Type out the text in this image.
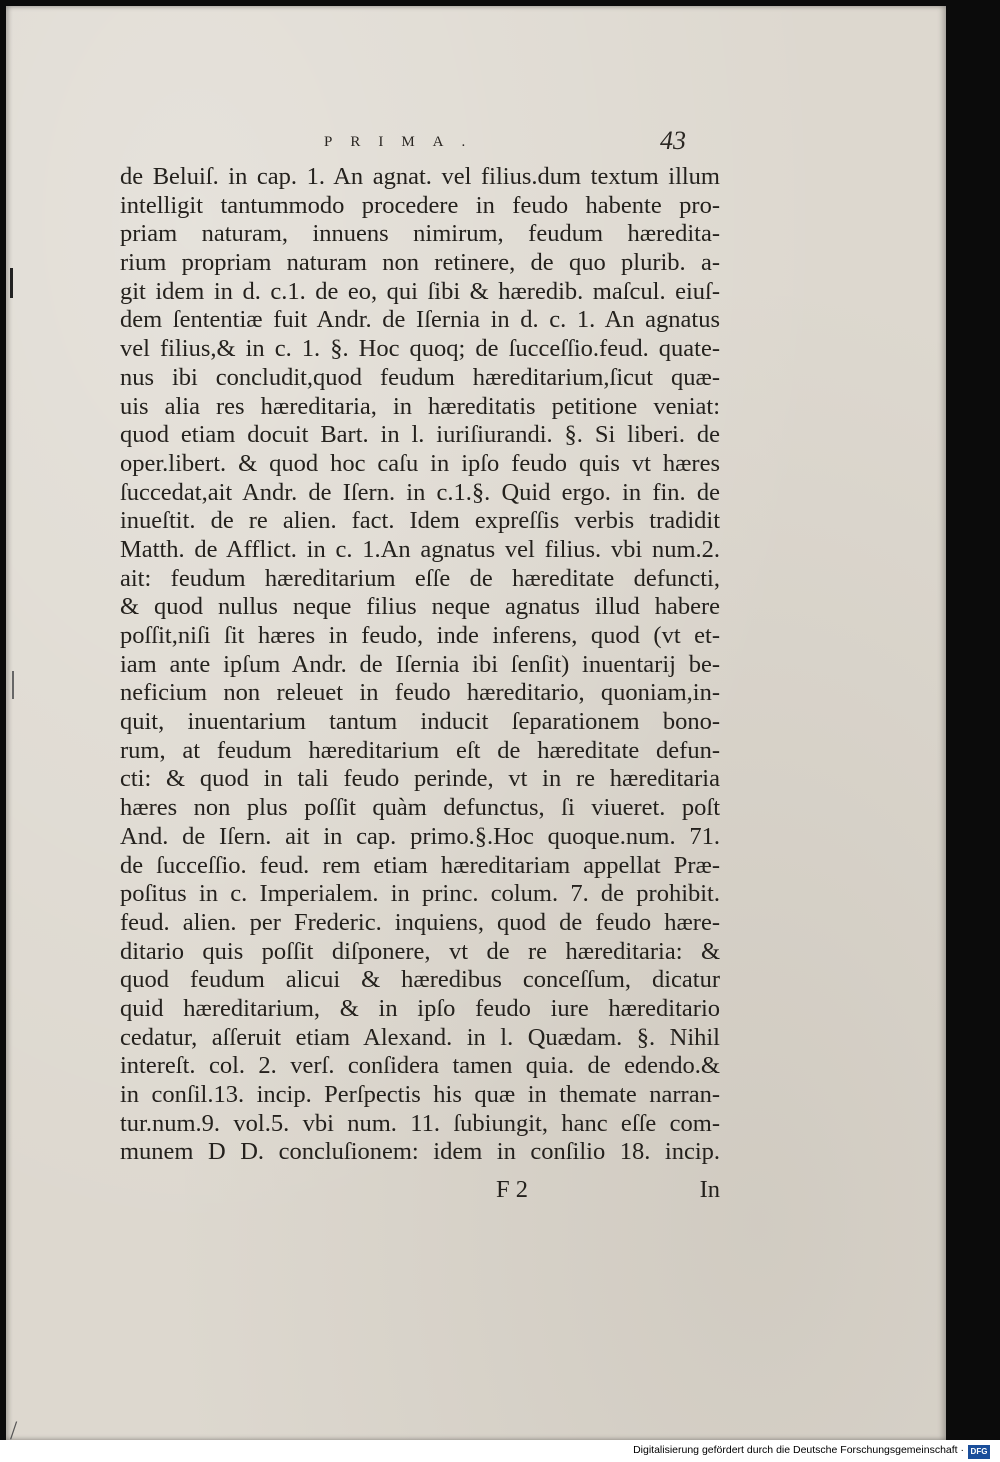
/
PRIMA.	43
de Beluiſ. in cap. 1. An agnat. vel filius.dum textum illum
intelligit tantummodo procedere in feudo habente pro-
priam naturam, innuens nimirum, feudum hæredita-
rium propriam naturam non retinere, de quo plurib. a-
git idem in d. c.1. de eo, qui ſibi & hæredib. maſcul. eiuſ-
dem ſententiæ fuit Andr. de Iſernia in d. c. 1. An agnatus
vel filius,& in c. 1. §. Hoc quoq; de ſucceſſio.feud. quate-
nus ibi concludit,quod feudum hæreditarium,ſicut quæ-
uis alia res hæreditaria, in hæreditatis petitione veniat:
quod etiam docuit Bart. in l. iuriſiurandi. §. Si liberi. de
oper.libert. & quod hoc caſu in ipſo feudo quis vt hæres
ſuccedat,ait Andr. de Iſern. in c.1.§. Quid ergo. in fin. de
inueſtit. de re alien. fact. Idem expreſſis verbis tradidit
Matth. de Afflict. in c. 1.An agnatus vel filius. vbi num.2.
ait: feudum hæreditarium eſſe de hæreditate defuncti,
& quod nullus neque filius neque agnatus illud habere
poſſit,niſi ſit hæres in feudo, inde inferens, quod (vt et-
iam ante ipſum Andr. de Iſernia ibi ſenſit) inuentarij be-
neficium non releuet in feudo hæreditario, quoniam,in-
quit, inuentarium tantum inducit ſeparationem bono-
rum, at feudum hæreditarium eſt de hæreditate defun-
cti: & quod in tali feudo perinde, vt in re hæreditaria
hæres non plus poſſit quàm defunctus, ſi viueret. poſt
And. de Iſern. ait in cap. primo.§.Hoc quoque.num. 71.
de ſucceſſio. feud. rem etiam hæreditariam appellat Præ-
poſitus in c. Imperialem. in princ. colum. 7. de prohibit.
feud. alien. per Frederic. inquiens, quod de feudo hære-
ditario quis poſſit diſponere, vt de re hæreditaria: &
quod feudum alicui & hæredibus conceſſum, dicatur
quid hæreditarium, & in ipſo feudo iure hæreditario
cedatur, aſſeruit etiam Alexand. in l. Quædam. §. Nihil
intereſt. col. 2. verſ. conſidera tamen quia. de edendo.&
in conſil.13. incip. Perſpectis his quæ in themate narran-
tur.num.9. vol.5. vbi num. 11. ſubiungit, hanc eſſe com-
munem D D. concluſionem: idem in conſilio 18. incip.
F 2	In
Digitalisierung gefördert durch die Deutsche Forschungsgemeinschaft · DFG
